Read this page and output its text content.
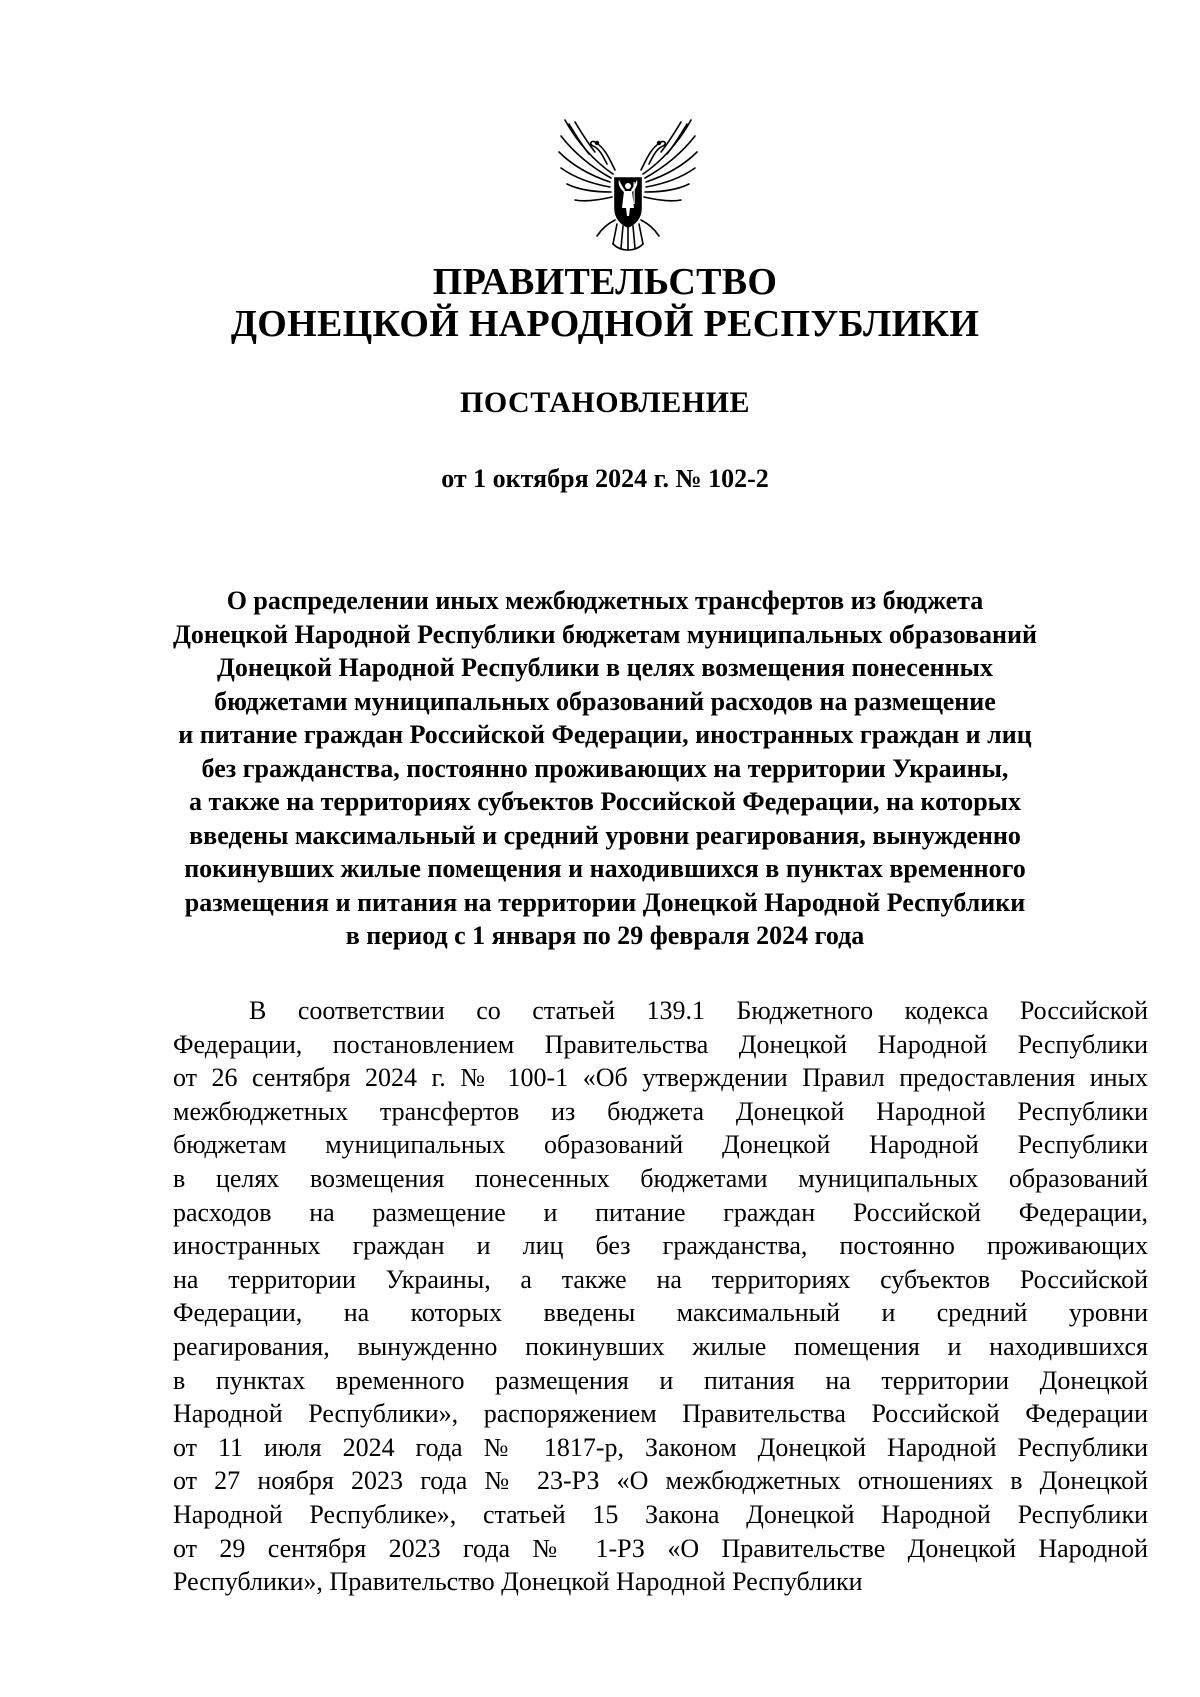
ПРАВИТЕЛЬСТВО
ДОНЕЦКОЙ НАРОДНОЙ РЕСПУБЛИКИ
ПОСТАНОВЛЕНИЕ
от 1 октября 2024 г. № 102-2
О распределении иных межбюджетных трансфертов из бюджета
Донецкой Народной Республики бюджетам муниципальных образований
Донецкой Народной Республики в целях возмещения понесенных
бюджетами муниципальных образований расходов на размещение
и питание граждан Российской Федерации, иностранных граждан и лиц
без гражданства, постоянно проживающих на территории Украины,
а также на территориях субъектов Российской Федерации, на которых
введены максимальный и средний уровни реагирования, вынужденно
покинувших жилые помещения и находившихся в пунктах временного
размещения и питания на территории Донецкой Народной Республики
в период с 1 января по 29 февраля 2024 года
В соответствии со статьей 139.1 Бюджетного кодекса Российской
Федерации, постановлением Правительства Донецкой Народной Республики
от 26 сентября 2024 г. № 100-1 «Об утверждении Правил предоставления иных
межбюджетных трансфертов из бюджета Донецкой Народной Республики
бюджетам муниципальных образований Донецкой Народной Республики
в целях возмещения понесенных бюджетами муниципальных образований
расходов на размещение и питание граждан Российской Федерации,
иностранных граждан и лиц без гражданства, постоянно проживающих
на территории Украины, а также на территориях субъектов Российской
Федерации, на которых введены максимальный и средний уровни
реагирования, вынужденно покинувших жилые помещения и находившихся
в пунктах временного размещения и питания на территории Донецкой
Народной Республики», распоряжением Правительства Российской Федерации
от 11 июля 2024 года № 1817-р, Законом Донецкой Народной Республики
от 27 ноября 2023 года № 23-РЗ «О межбюджетных отношениях в Донецкой
Народной Республике», статьей 15 Закона Донецкой Народной Республики
от 29 сентября 2023 года № 1-РЗ «О Правительстве Донецкой Народной
Республики», Правительство Донецкой Народной Республики
